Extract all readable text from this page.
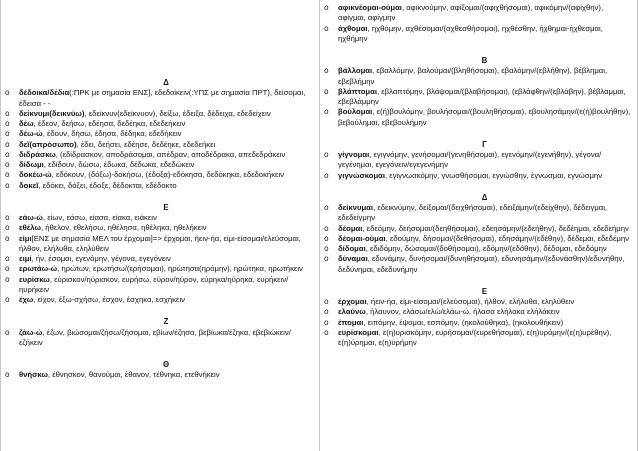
Δ
o δέδοικα/δέδια(:ΠΡΚ με σημασία ΕΝΣ], εδεδοίκειν(:ΥΠΣ με σημασία ΠΡΤ), δείσομαι, έδεισα - -
o δείκνυμι(δεικνύω), εδείκνυν(εδείκνυον), δείξω, έδειξα, δέδειχα, εδεδείχειν
o δέω, έδεον, δεήσω, εδέησα, δεδέηκα, εδεδεήκειν
o δέω-ώ, έδουν, δήσω, έδησα, δέδηκα, εδεδήκειν
o δεῖ(απρόσωπο), έδει, δεήσει, εδέησε, δεδέηκε, εδεδεήκει
o διδράσκω, (εδίδρασκον, αποδράσομαι, απέδραν, αποδέδρακα, απεδεδράκειν
o δίδωμι, εδίδουν, δώσω, έδωκα, δέδωκα, εδεδώκειν
o δοκέω-ώ, εδόκουν, (δόξω)-δοκήσω, (έδοξα)-εδόκησα, δεδόκηκα, εδεδοκήκειν
o δοκεῖ, εδόκει, δόξει, έδοξε, δέδοκται, εδέδοκτο
Ε
o εάω-ώ, είων, εάσω, είασα, είακα, ειάκειν
o εθέλω, ήθελον, εθελήσω, ηθέλησα, ηθέληκα, ηθελήκειν
o είμι[ΕΝΣ με σημασία ΜΕΛ του έρχομαι]=> έρχομαι, ήειν-ήα, είμι-είσομαι/ελεύσομαι, ήλθον, ελήλυθα, εληλύθειν
o ειμί, ήν, έσομαι, εγενόμην, γέγονα, εγεγόνειν
o ερωτάω-ώ, ηρώτων, ερωτήσω/(ερήσομαι), ηρώτησα(ηρόμην), ηρώτηκα, ηρωτήκειν
o ευρίσκω, εύρισκον/ηύρισκον, ευρήσω, εύρον/ηύρον, εύρηκα/ηύρηκα, ευρήκειν/ηυρήκειν
o έχω, είχον, έξω-σχήσω, έσχον, έσχηκα, εσχήκειν
Ζ
o ζάω-ώ, έζων, βιώσομαι/ζήσω/ζήσομαι, εβίων/έζησα, βεβίωκα/έζηκα, εβεβιώκειν/εζήκειν
Θ
o θνήσκω, έθνησκον, θανούμαι, έθανον, τέθνηκα, ετεθνήκειν
o αφικνέομαι-ούμαι, αφικνούμην, αφίξομαι/(αφιχθήσομαι), αφικόμην/(αφίχθην), αφίγμαι, αφίγμην
o άχθομαι, ηχθόμην, αχθέσομαι/(αχθεσθήσομαι), ηχθέσθην, ήχθημαι-ήχθεσμαι, ηχθήμην
Β
o βάλλομαι, εβαλλόμην, βαλούμαι/(βληθήσομαι), εβαλόμην/(εβλήθην), βέβλημαι, εβεβλήμην
o βλάπτομαι, εβλαπτόμην, βλάψομαι/(βλαβήσομαι), (εβλάφθην/(εβλάβην), βέβλαμμαι, εβεβλάμμην
o βούλομαι, ε(ή)βουλόμην, βουλήσομαι/(βουληθήσομαι), εβουλησάμην/(ε(ή)βουλήθην), βεβούλημαι, εβεβουλήμην
Γ
o γίγνομαι, εγιγνόμην, γενήσομαι/(γενηθήσομαι), εγενόμην/(εγενήθην), γέγονα/γεγένημαι, εγεγόνειν/εγεγενήμην
o γιγνώσκομαι, εγιγνωσκόμην, γνωσθήσομαι, εγνώσθην, έγνωσμαι, εγνώσμην
Δ
o δείκνυμαι, εδεικνύμην, δείξομαι/(δειχθήσομαι), εδειξάμην/(εδείχθην), δέδειγμαι, εδεδείγμην
o δέομαι, εδεόμην, δεήσομαι/(δεηθήσομαι), εδεησάμην/(εδεήθην), δεδέημαι, εδεδεήμην
o δέομαι-ούμαι, εδούμην, δήσομαι/(δεθήσομαι), εδησάμην/(εδέθην), δέδεμαι, εδεδέμην
o δίδομαι, εδιδόμην, δώσομαι/(δοθήσομαι), εδόμην/(εδόθην), δέδομαι, εδεδόμην
o δύναμαι, εδυνάμην, δυνήσομαι/(δυνηθήσομαι), εδυνησάμην/(εδυνάσθην)/εδυνήθην, δεδύνημαι, εδεδυνήμην
Ε
o έρχομαι, ήειν-ήα, είμι-είσομαι/(ελεύσομαι), ήλθον, ελήλυθα, εληλύθειν
o ελαύνω, ήλαυνον, ελάσω/ελώ/ελάω-ώ, ήλασα ελήλακα ελήλάκειν
o έπομαι, ειπόμην, έψομαι, εσπόμην, (ηκολούθηκα), (ηκολουθήκειν)
o ευρίσκομαι, ε(η)υρισκόμην, ευρήσομαι/(ευρεθήσομαι), ε(η)υρόμην/(ε(η)υρέθην), ε(η)ύρημαι, ε(η)υρήμην
